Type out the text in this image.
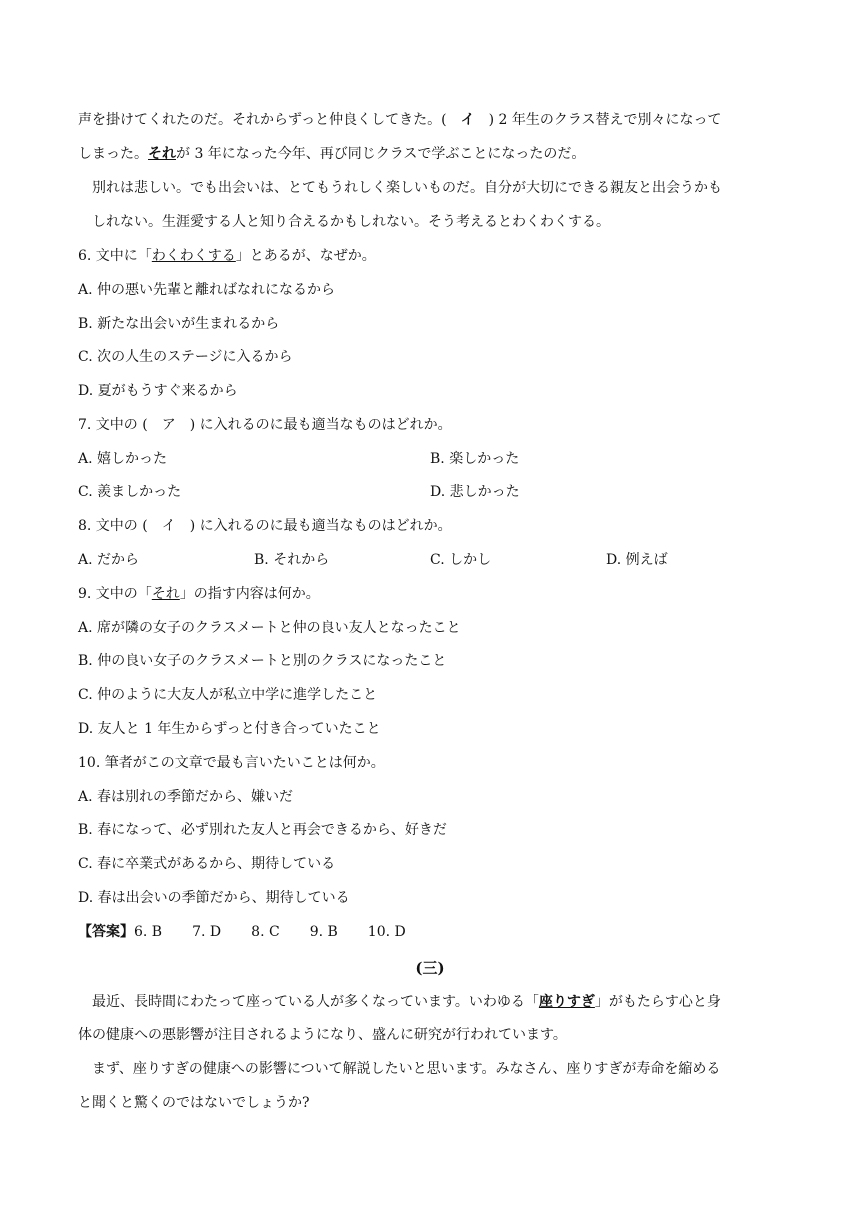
声を掛けてくれたのだ。それからずっと仲良くしてきた。(　イ　) 2 年生のクラス替えで別々になって
しまった。それが 3 年になった今年、再び同じクラスで学ぶことになったのだ。
別れは悲しい。でも出会いは、とてもうれしく楽しいものだ。自分が大切にできる親友と出会うかも
しれない。生涯愛する人と知り合えるかもしれない。そう考えるとわくわくする。
6. 文中に「わくわくする」とあるが、なぜか。
A. 仲の悪い先輩と離ればなれになるから
B. 新たな出会いが生まれるから
C. 次の人生のステージに入るから
D. 夏がもうすぐ来るから
7. 文中の (　ア　) に入れるのに最も適当なものはどれか。
A. 嬉しかった	B. 楽しかった
C. 羨ましかった	D. 悲しかった
8. 文中の (　イ　) に入れるのに最も適当なものはどれか。
A. だから	B. それから	C. しかし	D. 例えば
9. 文中の「それ」の指す内容は何か。
A. 席が隣の女子のクラスメートと仲の良い友人となったこと
B. 仲の良い女子のクラスメートと別のクラスになったこと
C. 仲のように大友人が私立中学に進学したこと
D. 友人と 1 年生からずっと付き合っていたこと
10. 筆者がこの文章で最も言いたいことは何か。
A. 春は別れの季節だから、嫌いだ
B. 春になって、必ず別れた友人と再会できるから、好きだ
C. 春に卒業式があるから、期待している
D. 春は出会いの季節だから、期待している
【答案】6. B 7. D 8. C 9. B 10. D
(三)
最近、長時間にわたって座っている人が多くなっています。いわゆる「座りすぎ」がもたらす心と身
体の健康への悪影響が注目されるようになり、盛んに研究が行われています。
まず、座りすぎの健康への影響について解説したいと思います。みなさん、座りすぎが寿命を縮める
と聞くと驚くのではないでしょうか?
